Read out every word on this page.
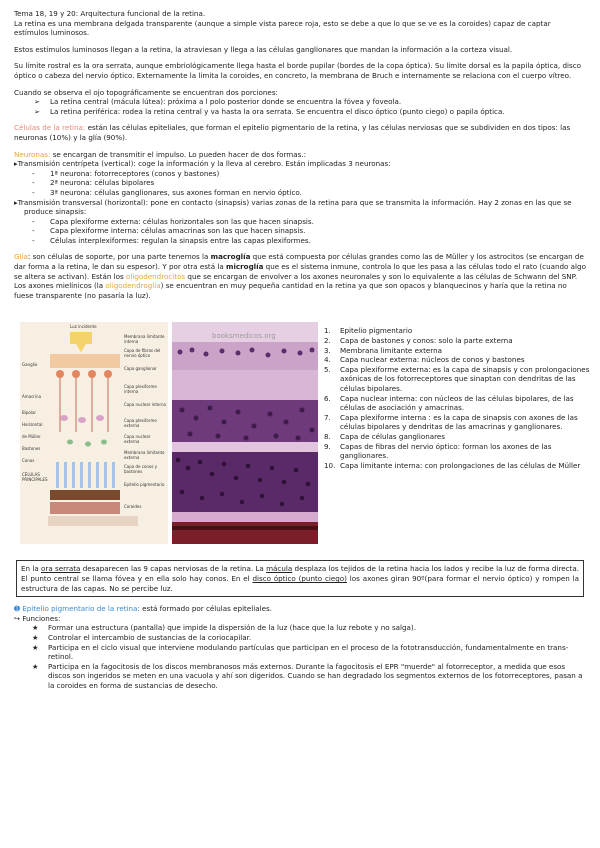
Tema 18, 19 y 20: Arquitectura funcional de la retina.

La retina es una membrana delgada transparente (aunque a simple vista parece roja, esto se debe a que lo que se ve es la coroides) capaz de captar estímulos luminosos.

Estos estímulos luminosos llegan a la retina, la atraviesan y llega a las células ganglionares que mandan la información a la corteza visual.

Su límite rostral es la ora serrata, aunque embriológicamente llega hasta el borde pupilar (bordes de la copa óptica). Su límite dorsal es la papila óptica, disco óptico o cabeza del nervio óptico. Externamente la limita la coroides, en concreto, la membrana de Bruch e internamente se relaciona con el cuerpo vítreo.

Cuando se observa el ojo topográficamente se encuentran dos porciones:

➢ La retina central (mácula lútea): próxima a l polo posterior donde se encuentra la fóvea y foveola.
➢ La retina periférica: rodea la retina central y va hasta la ora serrata. Se encuentra el disco óptico (punto ciego) o papila óptica.

Células de la retina: están las células epiteliales, que forman el epitelio pigmentario de la retina, y las células nerviosas que se subdividen en dos tipos: las neuronas (10%) y la glía (90%).

Neuronas: se encargan de transmitir el impulso. Lo pueden hacer de dos formas.:

▸Transmisión centrípeta (vertical): coge la información y la lleva al cerebro. Están implicadas 3 neuronas:

- 1ª neurona: fotorreceptores (conos y bastones)
- 2ª neurona: células bipolares
- 3ª neurona: células ganglionares, sus axones forman en nervio óptico.

▸Transmisión transversal (horizontal): pone en contacto (sinapsis) varias zonas de la retina para que se transmita la información. Hay 2 zonas en las que se produce sinapsis:

- Capa plexiforme externa: células horizontales son las que hacen sinapsis.
- Capa plexiforme interna: células amacrinas son las que hacen sinapsis.
- Células interplexiformes: regulan la sinapsis entre las capas plexiformes.

Glía: son células de soporte, por una parte tenemos la macroglía que está compuesta por células grandes como las de Müller y los astrocitos (se encargan de dar forma a la retina, le dan su espesor). Y por otra está la microglía que es el sistema inmune, controla lo que les pasa a las células todo el rato (cuando algo se altera se activan). Están los oligodendrocitos que se encargan de envolver a los axones neuronales y son lo equivalente a las células de Schwann del SNP. Los axones mielínicos (la oligodendroglía) se encuentran en muy pequeña cantidad en la retina ya que son opacos y blanquecinos y haría que la retina no fuese transparente (no pasaría la luz).

Luz incidente
Ganglio
Amacrina
Bipolar
Horizontal
de Müller
Bastones
Conos
CÉLULAS PRINCIPALES
Membrana limitante interna
Capa de fibras del nervio óptico
Capa ganglionar
Capa plexiforme interna
Capa nuclear interna
Capa plexiforme externa
Capa nuclear externa
Membrana limitante externa
Capa de conos y bastones
Epitelio pigmentario
Coroides
booksmedicos.org
1. Epitelio pigmentario
2. Capa de bastones y conos: solo la parte externa
3. Membrana limitante externa
4. Capa nuclear externa: núcleos de conos y bastones
5. Capa plexiforme externa: es la capa de sinapsis y con prolongaciones axónicas de los fotorreceptores que sinaptan con dendritas de las células bipolares.
6. Capa nuclear interna: con núcleos de las células bipolares, de las células de asociación y amacrinas.
7. Capa plexiforme interna : es la capa de sinapsis con axones de las células bipolares y dendritas de las amacrinas y ganglionares.
8. Capa de células ganglionares
9. Capas de fibras del nervio óptico: forman los axones de las ganglionares.
10. Capa limitante interna: con prolongaciones de las células de Müller
En la ora serrata desaparecen las 9 capas nerviosas de la retina. La mácula desplaza los tejidos de la retina hacia los lados y recibe la luz de forma directa. El punto central se llama fóvea y en ella solo hay conos. En el disco óptico (punto ciego) los axones giran 90º(para formar el nervio óptico) y rompen la estructura de las capas. No se percibe luz.

➊ Epitelio pigmentario de la retina: está formado por células epiteliales.

↪ Funciones:

★ Formar una estructura (pantalla) que impide la dispersión de la luz (hace que la luz rebote y no salga).
★ Controlar el intercambio de sustancias de la coriocapilar.
★ Participa en el ciclo visual que interviene modulando partículas que participan en el proceso de la fototransducción, fundamentalmente en trans-retinol.
★ Participa en la fagocitosis de los discos membranosos más externos. Durante la fagocitosis el EPR "muerde" al fotorreceptor, a medida que esos discos son ingeridos se meten en una vacuola y ahí son digeridos. Cuando se han degradado los segmentos externos de los fotorreceptores, pasan a la coroides en forma de sustancias de desecho.
